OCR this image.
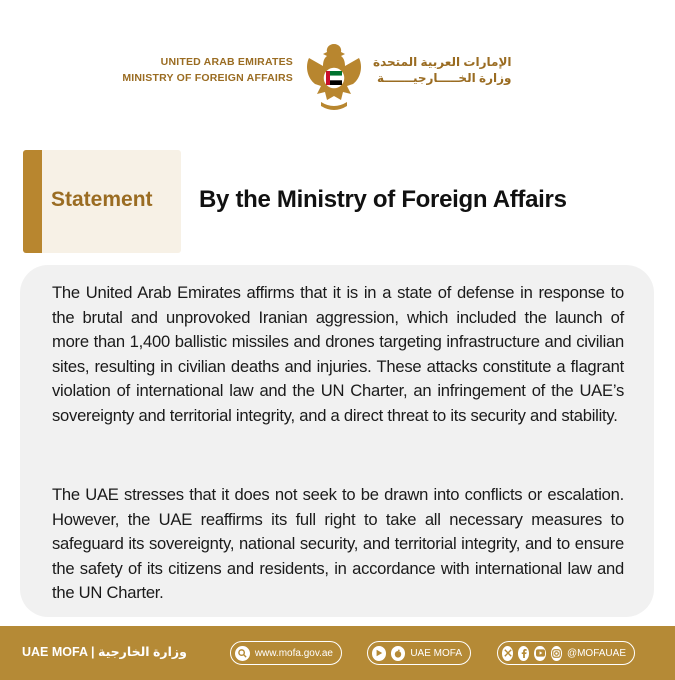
UNITED ARAB EMIRATES
MINISTRY OF FOREIGN AFFAIRS
الإمارات العربية المتحدة
وزارة الخـــــارجيـــــــة
Statement By the Ministry of Foreign Affairs

The United Arab Emirates affirms that it is in a state of defense in response to the brutal and unprovoked Iranian aggression, which included the launch of more than 1,400 ballistic missiles and drones targeting infrastructure and civilian sites, resulting in civilian deaths and injuries. These attacks constitute a flagrant violation of international law and the UN Charter, an infringement of the UAE’s sovereignty and territorial integrity, and a direct threat to its security and stability.

The UAE stresses that it does not seek to be drawn into conflicts or escalation. However, the UAE reaffirms its full right to take all necessary measures to safeguard its sovereignty, national security, and territorial integrity, and to ensure the safety of its citizens and residents, in accordance with international law and the UN Charter.

UAE MOFA | وزارة الخارجية	www.mofa.gov.ae	UAE MOFA	@MOFAUAE
